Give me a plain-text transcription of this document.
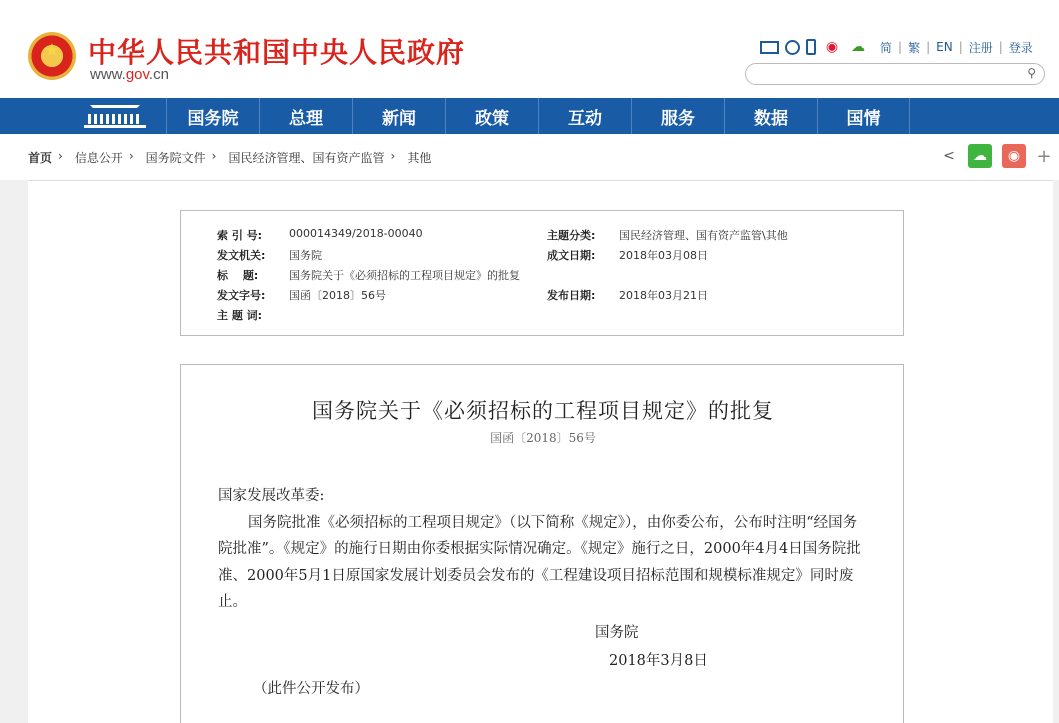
★
中华人民共和国中央人民政府
www.gov.cn
◉ ☁	简 | 繁 | EN | 注册 | 登录
⚲
国务院	总理	新闻	政策	互动	服务	数据	国情
首页 ›	信息公开 ›	国务院文件 ›	国民经济管理、国有资产监管 ›	其他	<	☁	◉ +
索 引 号:	000014349/2018-00040	主题分类:	国民经济管理、国有资产监管\其他
发文机关:	国务院	成文日期:	2018年03月08日
标　 题:	国务院关于《必须招标的工程项目规定》的批复
发文字号:	国函〔2018〕56号	发布日期:	2018年03月21日
主 题 词:
国务院关于《必须招标的工程项目规定》的批复
国函〔2018〕56号

国家发展改革委:

国务院批准《必须招标的工程项目规定》（以下简称《规定》），由你委公布，公布时注明“经国务院批准”。《规定》的施行日期由你委根据实际情况确定。《规定》施行之日，2000年4月4日国务院批准、2000年5月1日原国家发展计划委员会发布的《工程建设项目招标范围和规模标准规定》同时废止。

国务院
2018年3月8日
（此件公开发布）
